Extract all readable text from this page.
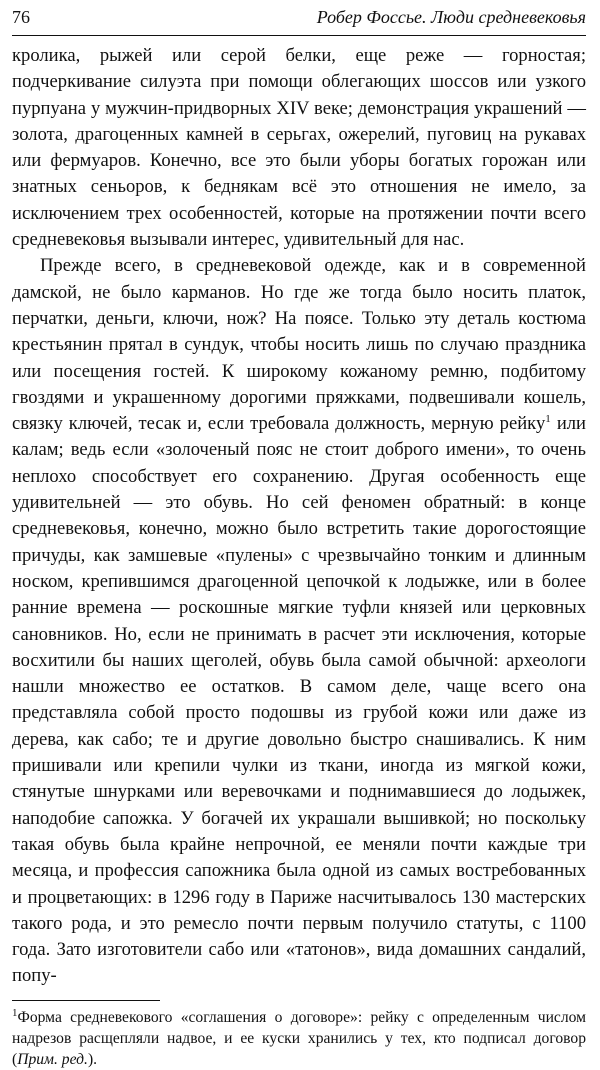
76	Робер Фоссье. Люди средневековья

кролика, рыжей или серой белки, еще реже — горностая; подчеркивание силуэта при помощи облегающих шоссов или узкого пурпуана у мужчин-придворных XIV веке; демонстрация украшений — золота, драгоценных камней в серьгах, ожерелий, пуговиц на рукавах или фермуаров. Конечно, все это были уборы богатых горожан или знатных сеньоров, к беднякам всё это отношения не имело, за исключением трех особенностей, которые на протяжении почти всего средневековья вызывали интерес, удивительный для нас.

Прежде всего, в средневековой одежде, как и в современной дамской, не было карманов. Но где же тогда было носить платок, перчатки, деньги, ключи, нож? На поясе. Только эту деталь костюма крестьянин прятал в сундук, чтобы носить лишь по случаю праздника или посещения гостей. К широкому кожаному ремню, подбитому гвоздями и украшенному дорогими пряжками, подвешивали кошель, связку ключей, тесак и, если требовала должность, мерную рейку$^1$ или калам; ведь если «золоченый пояс не стоит доброго имени», то очень неплохо способствует его сохранению. Другая особенность еще удивительней — это обувь. Но сей феномен обратный: в конце средневековья, конечно, можно было встретить такие дорогостоящие причуды, как замшевые «пулены» с чрезвычайно тонким и длинным носком, крепившимся драгоценной цепочкой к лодыжке, или в более ранние времена — роскошные мягкие туфли князей или церковных сановников. Но, если не принимать в расчет эти исключения, которые восхитили бы наших щеголей, обувь была самой обычной: археологи нашли множество ее остатков. В самом деле, чаще всего она представляла собой просто подошвы из грубой кожи или даже из дерева, как сабо; те и другие довольно быстро снашивались. К ним пришивали или крепили чулки из ткани, иногда из мягкой кожи, стянутые шнурками или веревочками и поднимавшиеся до лодыжек, наподобие сапожка. У богачей их украшали вышивкой; но поскольку такая обувь была крайне непрочной, ее меняли почти каждые три месяца, и профессия сапожника была одной из самых востребованных и процветающих: в 1296 году в Париже насчитывалось 130 мастерских такого рода, и это ремесло почти первым получило статуты, с 1100 года. Зато изготовители сабо или «татонов», вида домашних сандалий, попу-

$^1$Форма средневекового «соглашения о договоре»: рейку с определенным числом надрезов расщепляли надвое, и ее куски хранились у тех, кто подписал договор (Прим. ред.).
